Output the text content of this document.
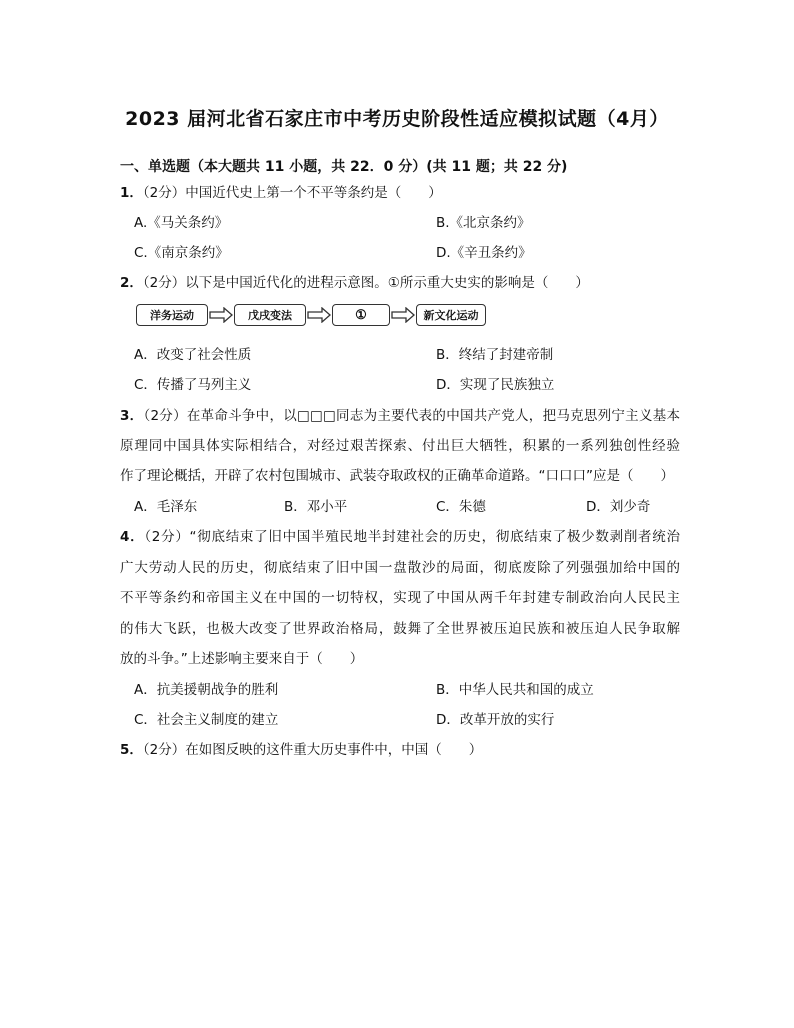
2023 届河北省石家庄市中考历史阶段性适应模拟试题（4月）
一、单选题（本大题共 11 小题，共 22．0 分）(共 11 题；共 22 分)
1．（2分）中国近代史上第一个不平等条约是（　　）
A.《马关条约》	B.《北京条约》
C.《南京条约》	D.《辛丑条约》
2．（2分）以下是中国近代化的进程示意图。①所示重大史实的影响是（　　）
洋务运动	戊戌变法	①	新文化运动
A．改变了社会性质	B．终结了封建帝制
C．传播了马列主义	D．实现了民族独立
3．（2分）在革命斗争中，以□□□同志为主要代表的中国共产党人，把马克思列宁主义基本
原理同中国具体实际相结合，对经过艰苦探索、付出巨大牺牲，积累的一系列独创性经验
作了理论概括，开辟了农村包围城市、武装夺取政权的正确革命道路。“口口口”应是（　　）
A．毛泽东	B．邓小平	C．朱德	D．刘少奇
4．（2分）“彻底结束了旧中国半殖民地半封建社会的历史，彻底结束了极少数剥削者统治
广大劳动人民的历史，彻底结束了旧中国一盘散沙的局面，彻底废除了列强强加给中国的
不平等条约和帝国主义在中国的一切特权，实现了中国从两千年封建专制政治向人民民主
的伟大飞跃，也极大改变了世界政治格局，鼓舞了全世界被压迫民族和被压迫人民争取解
放的斗争。”上述影响主要来自于（　　）
A．抗美援朝战争的胜利	B．中华人民共和国的成立
C．社会主义制度的建立	D．改革开放的实行
5．（2分）在如图反映的这件重大历史事件中，中国（　　）
